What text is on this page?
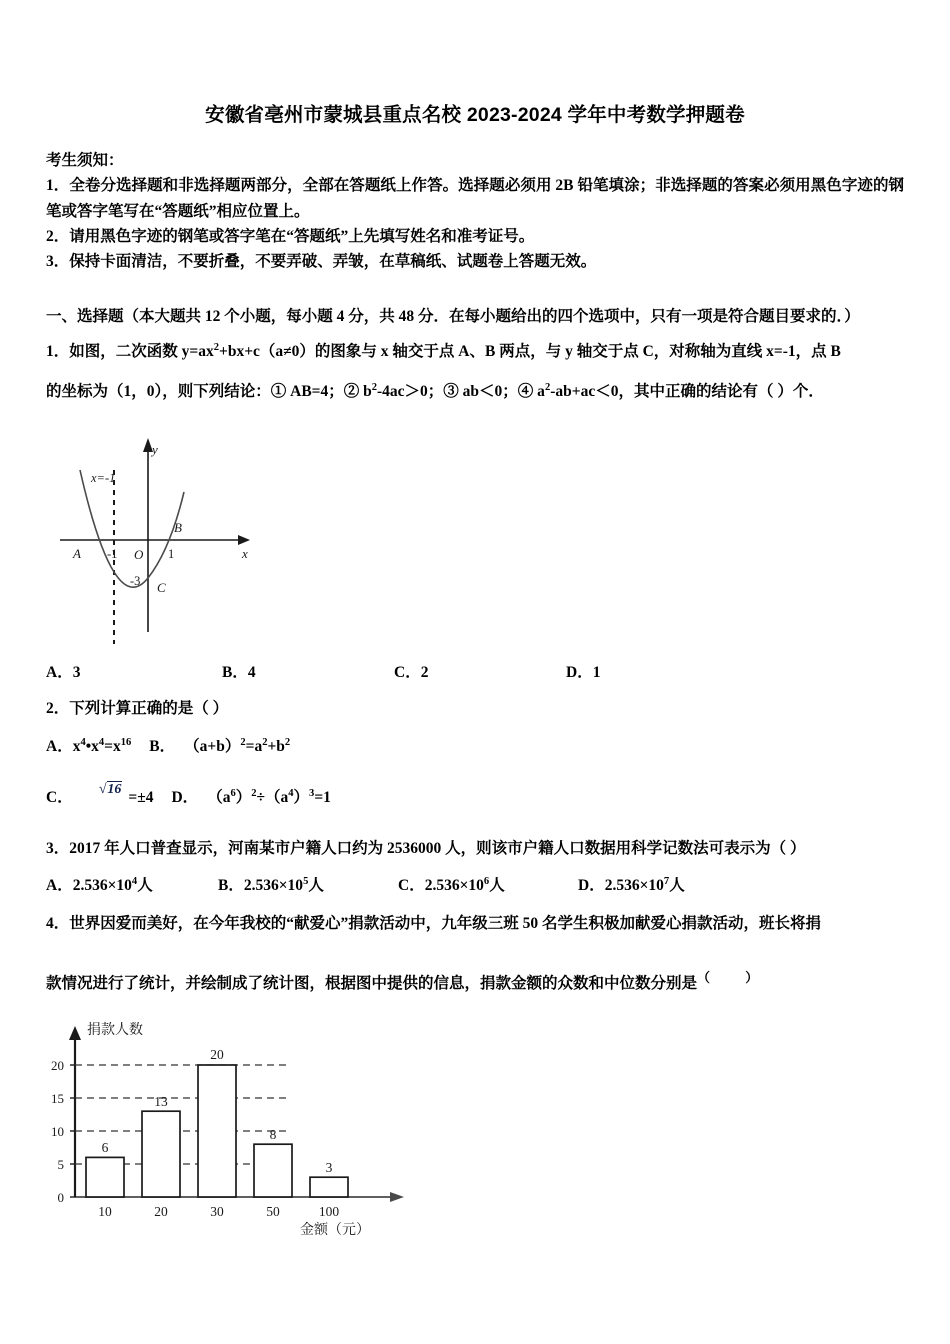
安徽省亳州市蒙城县重点名校 2023-2024 学年中考数学押题卷
考生须知：
1．全卷分选择题和非选择题两部分，全部在答题纸上作答。选择题必须用 2B 铅笔填涂；非选择题的答案必须用黑色字迹的钢笔或答字笔写在“答题纸”相应位置上。
2．请用黑色字迹的钢笔或答字笔在“答题纸”上先填写姓名和准考证号。
3．保持卡面清洁，不要折叠，不要弄破、弄皱，在草稿纸、试题卷上答题无效。
一、选择题（本大题共 12 个小题，每小题 4 分，共 48 分．在每小题给出的四个选项中，只有一项是符合题目要求的．）
1．如图，二次函数 $y=ax^2+bx+c(a\ne 0)$的图象与 x 轴交于点 A、B 两点，与 y 轴交于点 C，对称轴为直线 x=-1，点 B
的坐标为（1，0），则下列结论：① AB=4；② $b^2-4ac>0$；③ ab＜0；④ $a^2-ab+ac<0$，其中正确的结论有（ ）个．
x=-1
y
x
A
B
C
-1 O 1
-3
A．3	B．4	C．2	D．1
2．下列计算正确的是（ ）
A．$x^4•x^4=x^{16}$ B． $(a+b)^2=a^2+b^2$
C． √16 =±4 D． $(a^6)^2\div(a^4)^3=1$
3．2017 年人口普查显示，河南某市户籍人口约为 2536000 人，则该市户籍人口数据用科学记数法可表示为（ ）
A．$2.536\times 10^4$人	B．$2.536\times 10^5$人	C．$2.536\times 10^6$人	D．$2.536\times 10^7$人
4．世界因爱而美好，在今年我校的“献爱心”捐款活动中，九年级三班 50 名学生积极加献爱心捐款活动，班长将捐
款情况进行了统计，并绘制成了统计图，根据图中提供的信息，捐款金额的众数和中位数分别是（ ）
0
5
10
15
20
6
13
20
8
3
10	20	30	50	100
捐款人数
金额（元）
